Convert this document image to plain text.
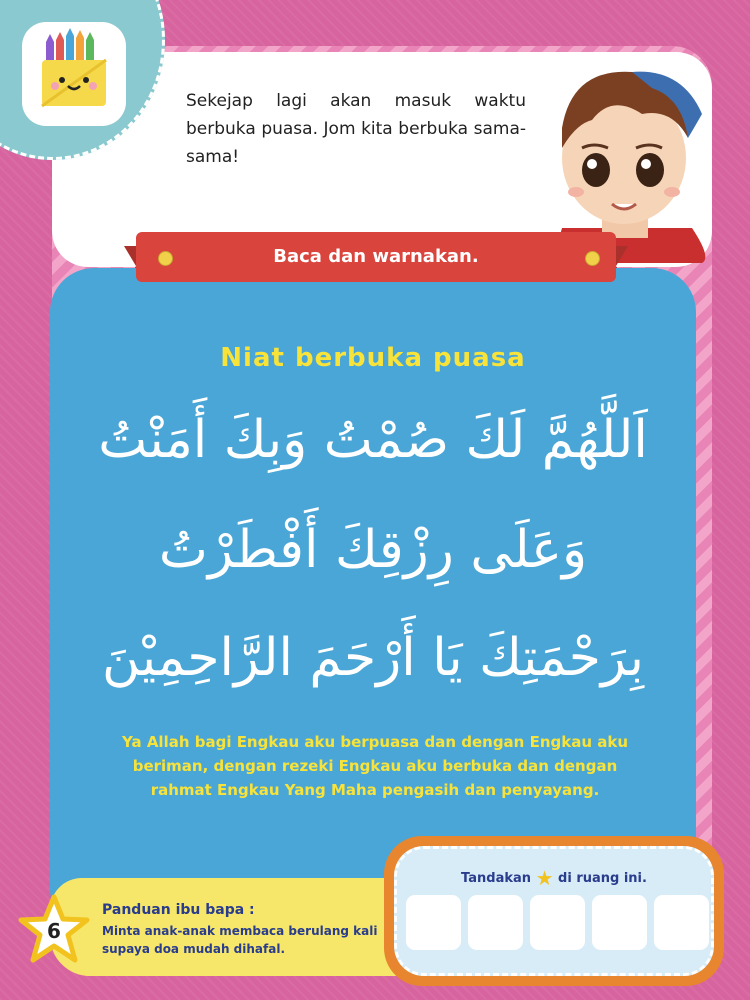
Sekejap lagi akan masuk waktu berbuka puasa. Jom kita berbuka sama-sama!
Baca dan warnakan.
Niat berbuka puasa
اَللَّهُمَّ لَكَ صُمْتُ وَبِكَ أَمَنْتُ
وَعَلَى رِزْقِكَ أَفْطَرْتُ
بِرَحْمَتِكَ يَا أَرْحَمَ الرَّاحِمِيْنَ
Ya Allah bagi Engkau aku berpuasa dan dengan Engkau aku beriman, dengan rezeki Engkau aku berbuka dan dengan rahmat Engkau Yang Maha pengasih dan penyayang.
Panduan ibu bapa :
Minta anak-anak membaca berulang kali supaya doa mudah dihafal.
6
Tandakan ★ di ruang ini.
